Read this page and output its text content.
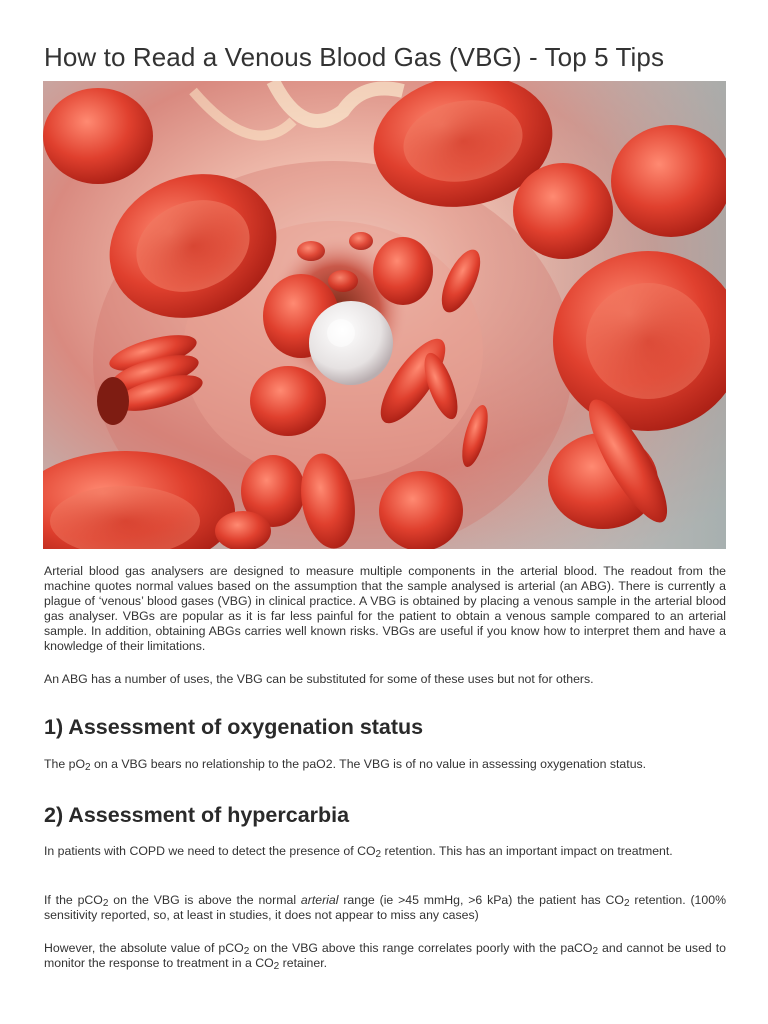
How to Read a Venous Blood Gas (VBG) - Top 5 Tips

Arterial blood gas analysers are designed to measure multiple components in the arterial blood. The readout from the machine quotes normal values based on the assumption that the sample analysed is arterial (an ABG). There is currently a plague of ‘venous’ blood gases (VBG) in clinical practice. A VBG is obtained by placing a venous sample in the arterial blood gas analyser. VBGs are popular as it is far less painful for the patient to obtain a venous sample compared to an arterial sample. In addition, obtaining ABGs carries well known risks. VBGs are useful if you know how to interpret them and have a knowledge of their limitations.

An ABG has a number of uses, the VBG can be substituted for some of these uses but not for others.

1) Assessment of oxygenation status

The $pO_2$ on a VBG bears no relationship to the paO2. The VBG is of no value in assessing oxygenation status.

2) Assessment of hypercarbia

In patients with COPD we need to detect the presence of $CO_2$ retention. This has an important impact on treatment.

If the pCO$_2$ on the VBG is above the normal arterial range (ie >45 mmHg, >6 kPa) the patient has $CO_2$ retention. (100% sensitivity reported, so, at least in studies, it does not appear to miss any cases)

However, the absolute value of pCO$_2$ on the VBG above this range correlates poorly with the paCO$_2$ and cannot be used to monitor the response to treatment in a $CO_2$ retainer.
